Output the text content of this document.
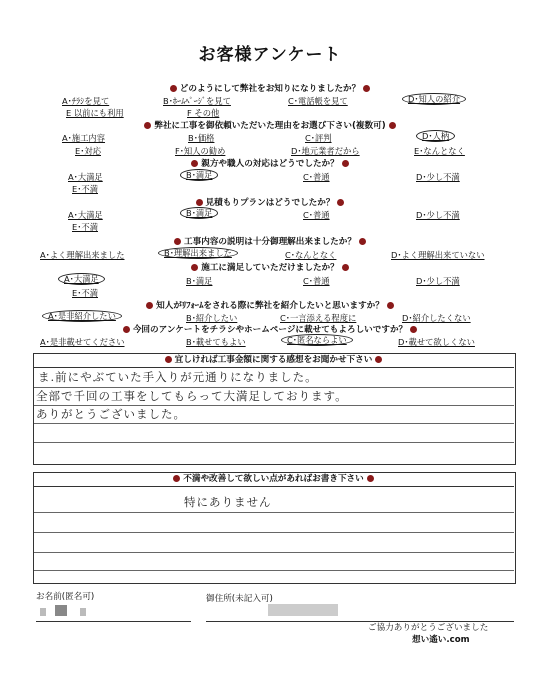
お客様アンケート
どのようにして弊社をお知りになりましたか？
A･ﾁﾗｼを見て	B･ﾎｰﾑﾍﾟｰｼﾞを見て	C･電話帳を見て	D･知人の紹介
E 以前にも利用	F その他
弊社に工事を御依頼いただいた理由をお選び下さい(複数可)
A･施工内容	B･価格	C･評判	D･人柄
E･対応	F･知人の勧め	D･地元業者だから	E･なんとなく
親方や職人の対応はどうでしたか？
A･大満足	B･満足	C･普通	D･少し不満
E･不満
見積もりプランはどうでしたか？
A･大満足	B･満足	C･普通	D･少し不満
E･不満
工事内容の説明は十分御理解出来ましたか？
A･よく理解出来ました	B･理解出来ました	C･なんとなく	D･よく理解出来ていない
施工に満足していただけましたか？
A･大満足	B･満足	C･普通	D･少し不満
E･不満
知人がﾘﾌｫｰﾑをされる際に弊社を紹介したいと思いますか？
A･是非紹介したい	B･紹介したい	C･一言添える程度に	D･紹介したくない
今回のアンケートをチラシやホームページに載せてもよろしいですか？
A･是非載せてください	B･載せてもよい	C･匿名ならよい	D･載せて欲しくない
宜しければ工事金額に関する感想をお聞かせ下さい
ま.前にやぶていた手入りが元通りになりました。
全部で千回の工事をしてもらって大満足しております。
ありがとうございました。
不満や改善して欲しい点があればお書き下さい
特にありません
お名前(匿名可)	御住所(未記入可)
ご協力ありがとうございました
想い遙い.com
